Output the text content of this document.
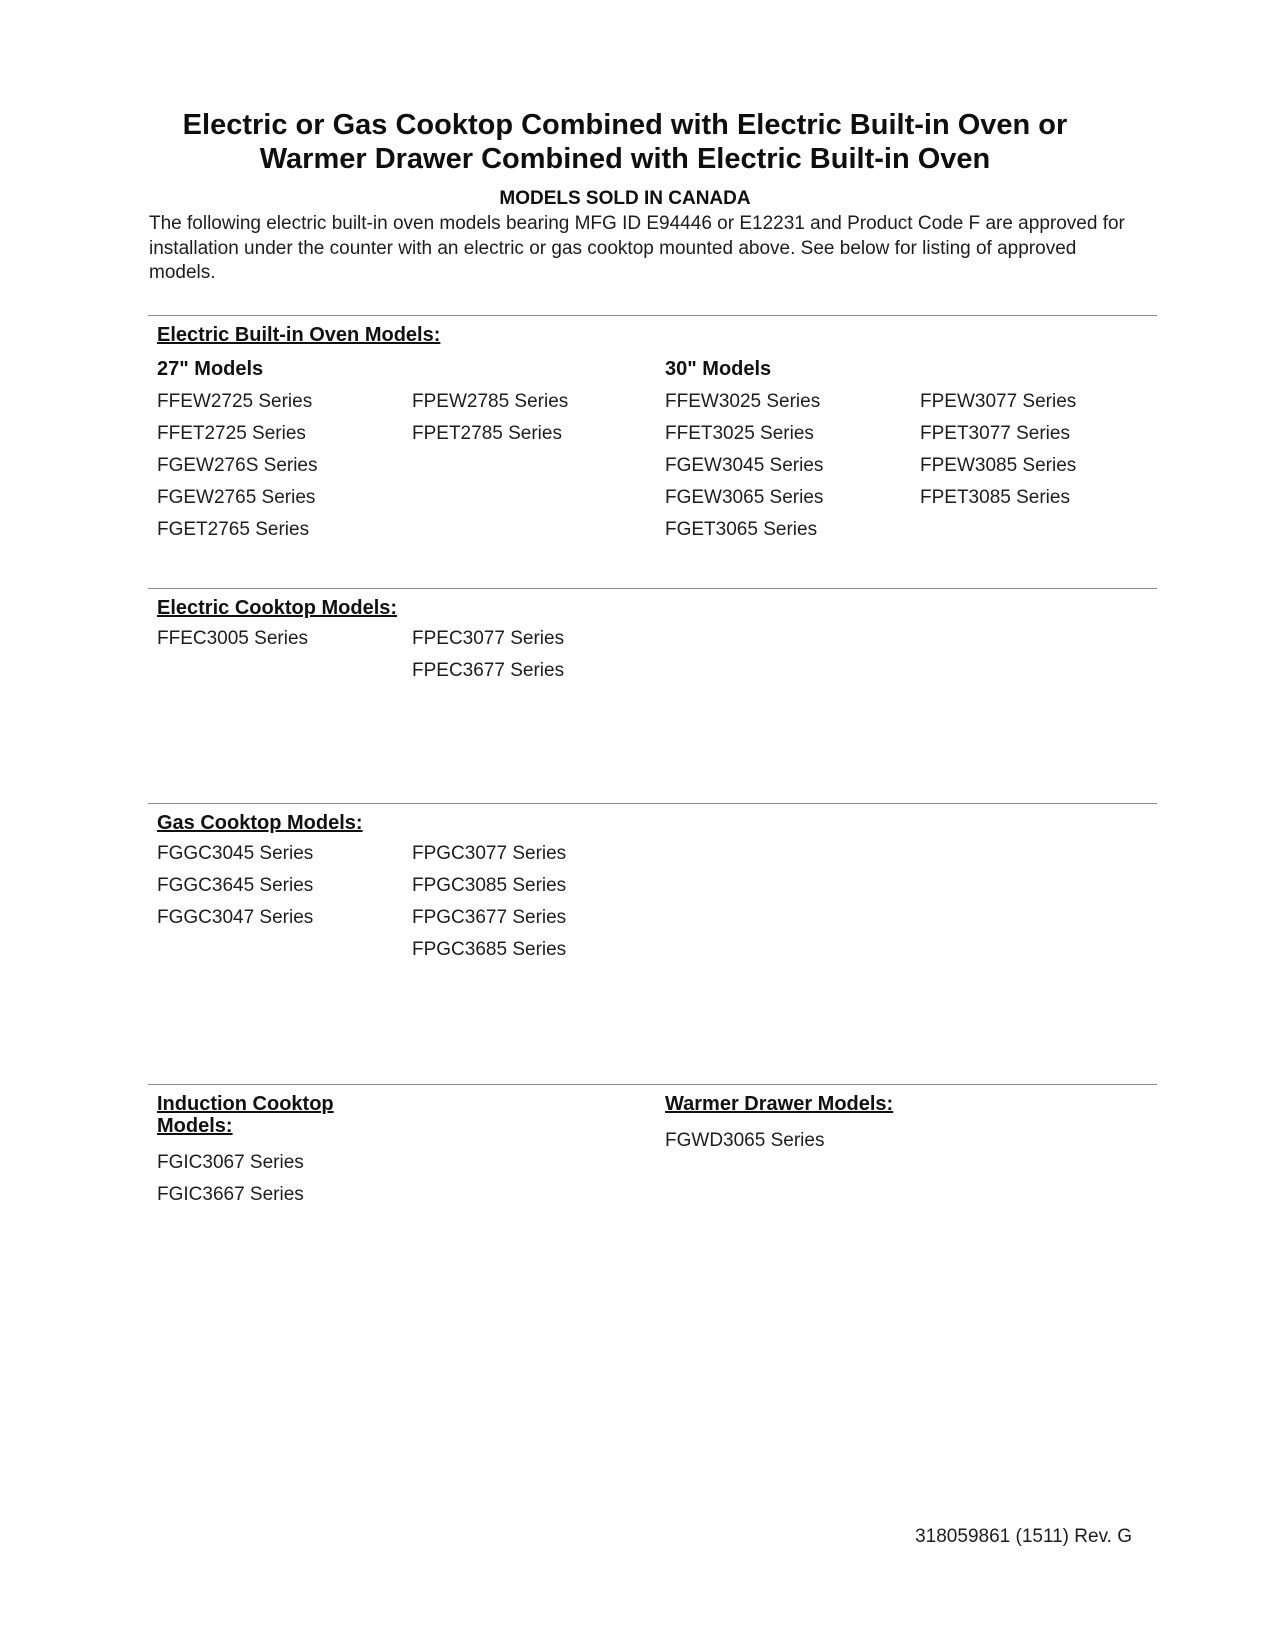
Electric or Gas Cooktop Combined with Electric Built-in Oven or
Warmer Drawer Combined with Electric Built-in Oven
MODELS SOLD IN CANADA
The following electric built-in oven models bearing MFG ID E94446 or E12231 and Product Code F are approved for installation under the counter with an electric or gas cooktop mounted above. See below for listing of approved models.
Electric Built-in Oven Models:
27" Models
FFEW2725 Series
FFET2725 Series
FGEW276S Series
FGEW2765 Series
FGET2765 Series
FPEW2785 Series
FPET2785 Series
30" Models
FFEW3025 Series
FFET3025 Series
FGEW3045 Series
FGEW3065 Series
FGET3065 Series
FPEW3077 Series
FPET3077 Series
FPEW3085 Series
FPET3085 Series
Electric Cooktop Models:
FFEC3005 Series	FPEC3077 Series
FPEC3677 Series
Gas Cooktop Models:
FGGC3045 Series
FGGC3645 Series
FGGC3047 Series
FPGC3077 Series
FPGC3085 Series
FPGC3677 Series
FPGC3685 Series
Induction Cooktop Models:
FGIC3067 Series
FGIC3667 Series
Warmer Drawer Models:
FGWD3065 Series
318059861 (1511) Rev. G
